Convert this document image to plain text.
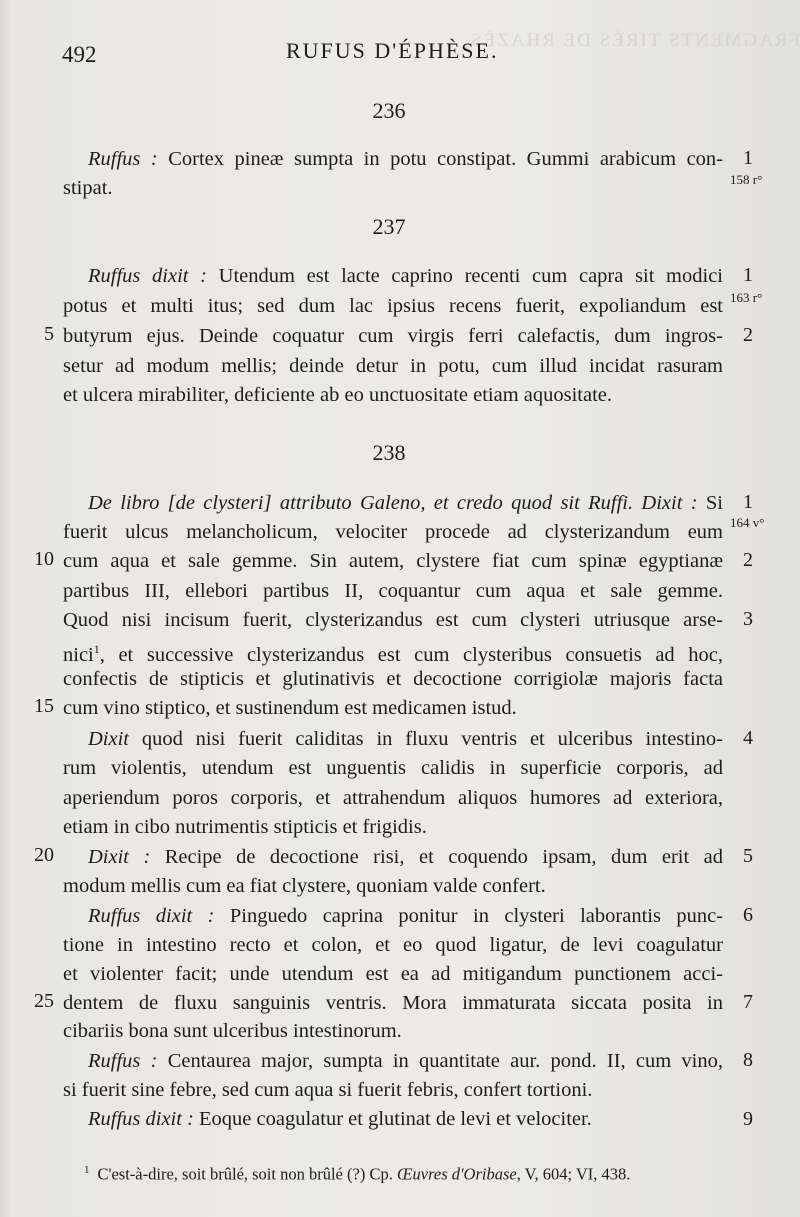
FRAGMENTS TIRÉS DE RHAZÈS.
492	RUFUS D'ÉPHÈSE.
236
Ruffus : Cortex pineæ sumpta in potu constipat. Gummi arabicum con-
stipat.
237
Ruffus dixit : Utendum est lacte caprino recenti cum capra sit modici
potus et multi itus; sed dum lac ipsius recens fuerit, expoliandum est
butyrum ejus. Deinde coquatur cum virgis ferri calefactis, dum ingros-
setur ad modum mellis; deinde detur in potu, cum illud incidat rasuram
et ulcera mirabiliter, deficiente ab eo unctuositate etiam aquositate.
238
De libro [de clysteri] attributo Galeno, et credo quod sit Ruffi. Dixit : Si
fuerit ulcus melancholicum, velociter procede ad clysterizandum eum
cum aqua et sale gemme. Sin autem, clystere fiat cum spinæ egyptianæ
partibus III, ellebori partibus II, coquantur cum aqua et sale gemme.
Quod nisi incisum fuerit, clysterizandus est cum clysteri utriusque arse-
nici$^1$, et successive clysterizandus est cum clysteribus consuetis ad hoc,
confectis de stipticis et glutinativis et decoctione corrigiolæ majoris facta
cum vino stiptico, et sustinendum est medicamen istud.
Dixit quod nisi fuerit caliditas in fluxu ventris et ulceribus intestino-
rum violentis, utendum est unguentis calidis in superficie corporis, ad
aperiendum poros corporis, et attrahendum aliquos humores ad exteriora,
etiam in cibo nutrimentis stipticis et frigidis.
Dixit : Recipe de decoctione risi, et coquendo ipsam, dum erit ad
modum mellis cum ea fiat clystere, quoniam valde confert.
Ruffus dixit : Pinguedo caprina ponitur in clysteri laborantis punc-
tione in intestino recto et colon, et eo quod ligatur, de levi coagulatur
et violenter facit; unde utendum est ea ad mitigandum punctionem acci-
dentem de fluxu sanguinis ventris. Mora immaturata siccata posita in
cibariis bona sunt ulceribus intestinorum.
Ruffus : Centaurea major, sumpta in quantitate aur. pond. II, cum vino,
si fuerit sine febre, sed cum aqua si fuerit febris, confert tortioni.
Ruffus dixit : Eoque coagulatur et glutinat de levi et velociter.
5
10
15
20
25
1
1
2
1
2
3
4
5
6
7
8
9
158 r°
163 r°
164 v°
$^1$ C'est-à-dire, soit brûlé, soit non brûlé (?) Cp. Œuvres d'Oribase, V, 604; VI, 438.
